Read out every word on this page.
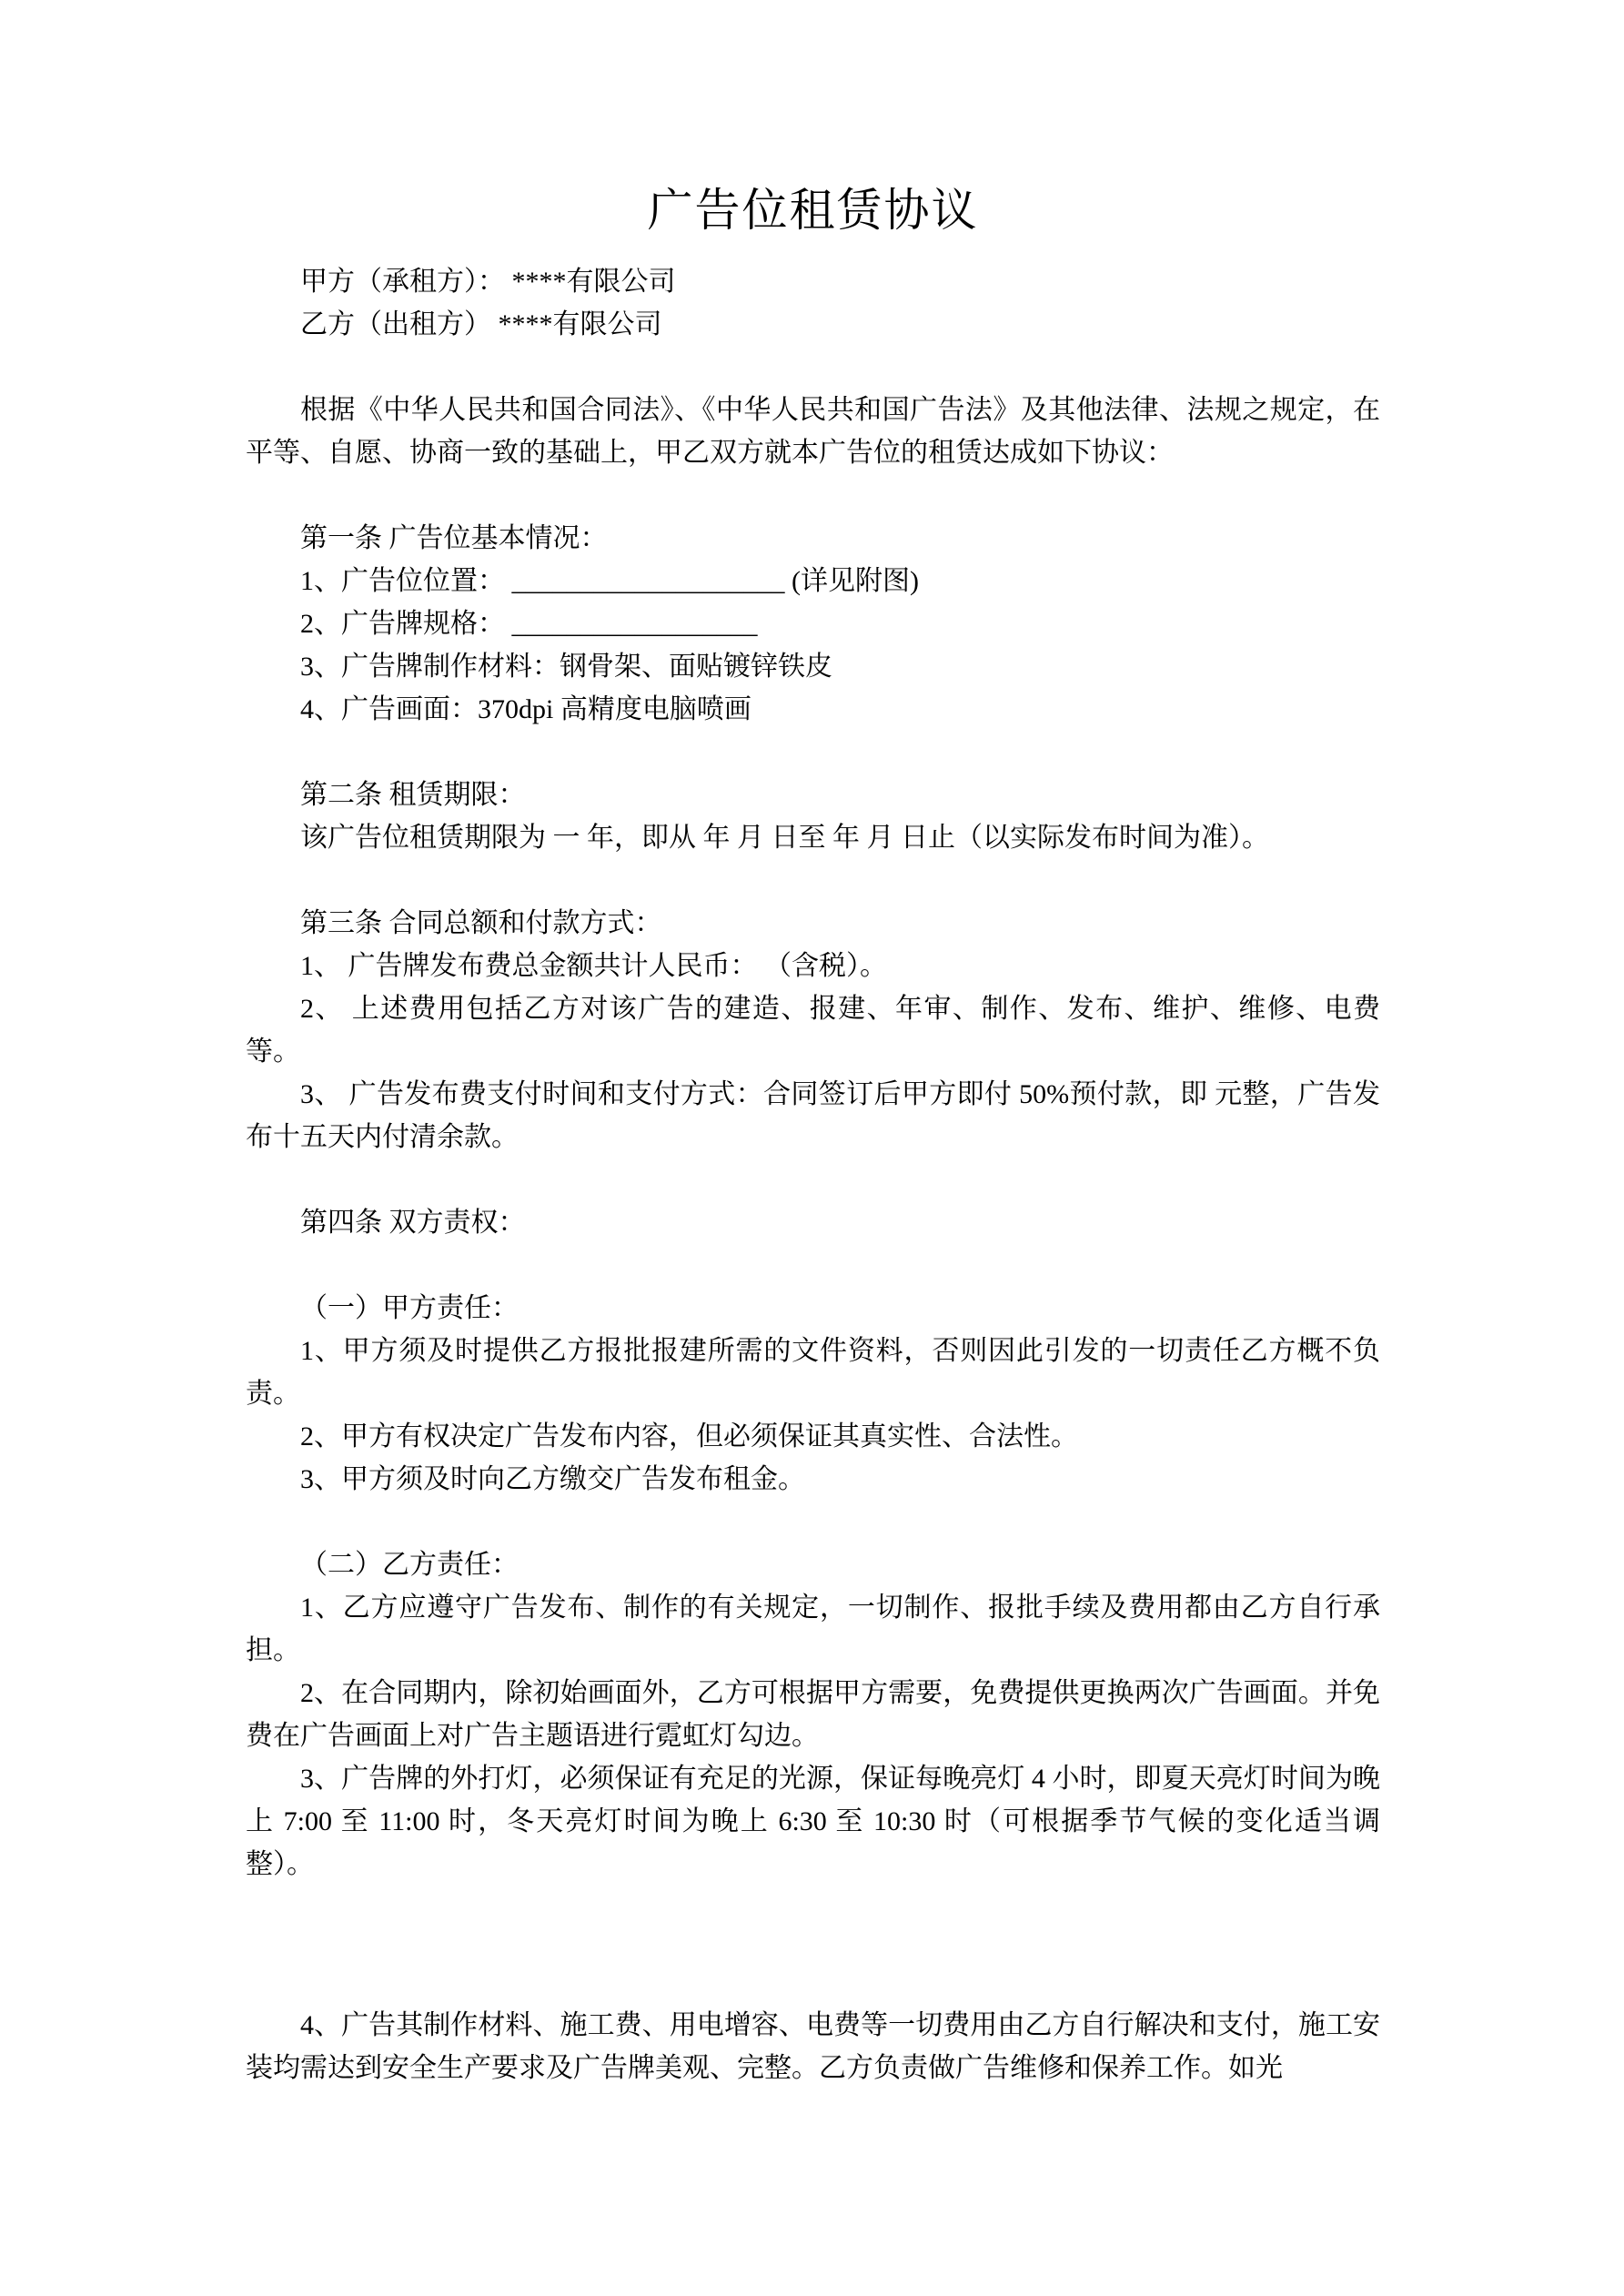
广告位租赁协议

甲方（承租方）： ****有限公司

乙方（出租方） ****有限公司

根据《中华人民共和国合同法》、《中华人民共和国广告法》及其他法律、法规之规定，在平等、自愿、协商一致的基础上，甲乙双方就本广告位的租赁达成如下协议：

第一条 广告位基本情况：

1、广告位位置： ____________________ (详见附图)

2、广告牌规格： __________________

3、广告牌制作材料：钢骨架、面贴镀锌铁皮

4、广告画面：370dpi 高精度电脑喷画

第二条 租赁期限：

该广告位租赁期限为 一 年，即从 年 月 日至 年 月 日止（以实际发布时间为准）。

第三条 合同总额和付款方式：

1、 广告牌发布费总金额共计人民币： （含税）。

2、 上述费用包括乙方对该广告的建造、报建、年审、制作、发布、维护、维修、电费等。

3、 广告发布费支付时间和支付方式：合同签订后甲方即付 50%预付款，即 元整，广告发布十五天内付清余款。

第四条 双方责权：

（一）甲方责任：

1、甲方须及时提供乙方报批报建所需的文件资料，否则因此引发的一切责任乙方概不负责。

2、甲方有权决定广告发布内容，但必须保证其真实性、合法性。

3、甲方须及时向乙方缴交广告发布租金。

（二）乙方责任：

1、乙方应遵守广告发布、制作的有关规定，一切制作、报批手续及费用都由乙方自行承担。

2、在合同期内，除初始画面外，乙方可根据甲方需要，免费提供更换两次广告画面。并免费在广告画面上对广告主题语进行霓虹灯勾边。

3、广告牌的外打灯，必须保证有充足的光源，保证每晚亮灯 4 小时，即夏天亮灯时间为晚上 7:00 至 11:00 时，冬天亮灯时间为晚上 6:30 至 10:30 时（可根据季节气候的变化适当调整）。

4、广告其制作材料、施工费、用电增容、电费等一切费用由乙方自行解决和支付，施工安装均需达到安全生产要求及广告牌美观、完整。乙方负责做广告维修和保养工作。如光
